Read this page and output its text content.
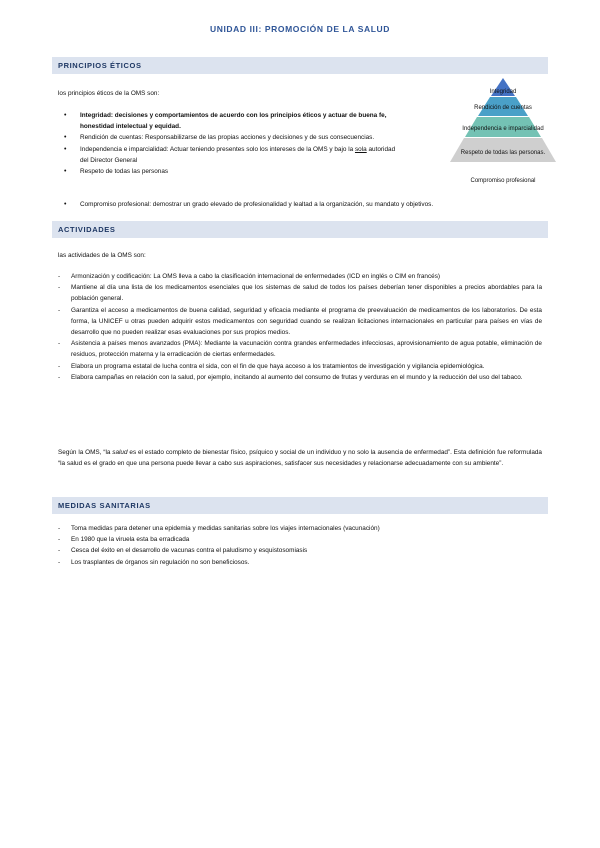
UNIDAD III: PROMOCIÓN DE LA SALUD
PRINCIPIOS ÉTICOS
los principios éticos de la OMS son:
• Integridad: decisiones y comportamientos de acuerdo con los principios éticos y actuar de buena fe, honestidad intelectual y equidad.
• Rendición de cuentas: Responsabilizarse de las propias acciones y decisiones y de sus consecuencias.
• Independencia e imparcialidad: Actuar teniendo presentes solo los intereses de la OMS y bajo la sola autoridad del Director General
• Respeto de todas las personas
• Compromiso profesional: demostrar un grado elevado de profesionalidad y lealtad a la organización, su mandato y objetivos.
Integridad
Rendición de cuentas
Independencia e imparcialidad
Respeto de todas las personas.
Compromiso profesional
ACTIVIDADES
las actividades de la OMS son:
- Armonización y codificación: La OMS lleva a cabo la clasificación internacional de enfermedades (ICD en inglés o CIM en francés)
- Mantiene al día una lista de los medicamentos esenciales que los sistemas de salud de todos los países deberían tener disponibles a precios abordables para la población general.
- Garantiza el acceso a medicamentos de buena calidad, seguridad y eficacia mediante el programa de preevaluación de medicamentos de los laboratorios. De esta forma, la UNICEF u otras pueden adquirir estos medicamentos con seguridad cuando se realizan licitaciones internacionales en particular para países en vías de desarrollo que no pueden realizar esas evaluaciones por sus propios medios.
- Asistencia a países menos avanzados (PMA): Mediante la vacunación contra grandes enfermedades infecciosas, aprovisionamiento de agua potable, eliminación de residuos, protección materna y la erradicación de ciertas enfermedades.
- Elabora un programa estatal de lucha contra el sida, con el fin de que haya acceso a los tratamientos de investigación y vigilancia epidemiológica.
- Elabora campañas en relación con la salud, por ejemplo, incitando al aumento del consumo de frutas y verduras en el mundo y la reducción del uso del tabaco.
Según la OMS, “la salud es el estado completo de bienestar físico, psíquico y social de un individuo y no solo la ausencia de enfermedad”. Esta definición fue reformulada “la salud es el grado en que una persona puede llevar a cabo sus aspiraciones, satisfacer sus necesidades y relacionarse adecuadamente con su ambiente”.
MEDIDAS SANITARIAS
- Toma medidas para detener una epidemia y medidas sanitarias sobre los viajes internacionales (vacunación)
- En 1980 que la viruela esta ba erradicada
- Cesca del éxito en el desarrollo de vacunas contra el paludismo y esquistosomiasis
- Los trasplantes de órganos sin regulación no son beneficiosos.
